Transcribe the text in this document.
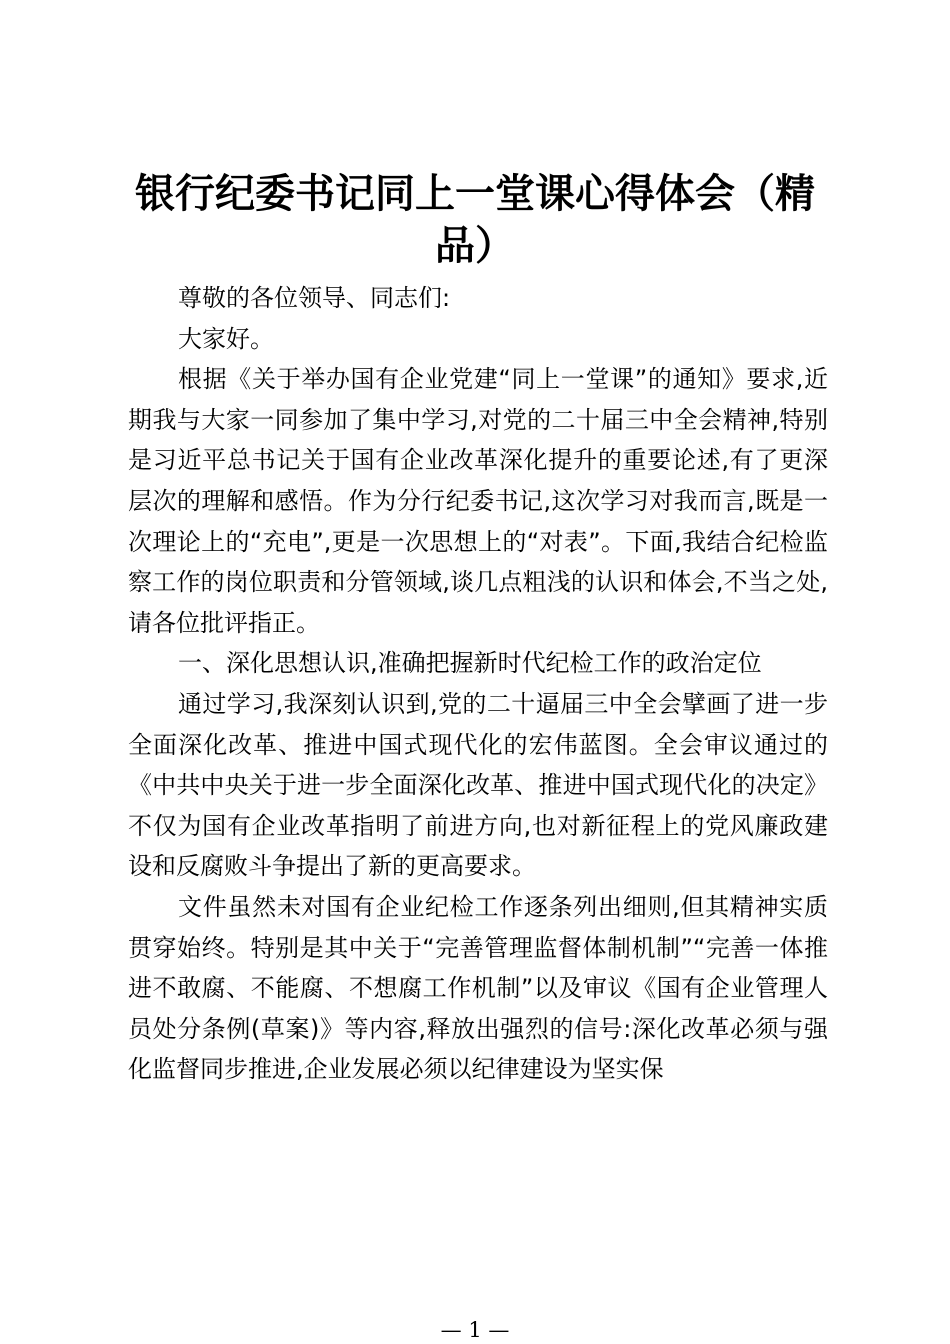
银行纪委书记同上一堂课心得体会（精品）

尊敬的各位领导、同志们:

大家好。

根据《关于举办国有企业党建“同上一堂课”的通知》要求,近期我与大家一同参加了集中学习,对党的二十届三中全会精神,特别是习近平总书记关于国有企业改革深化提升的重要论述,有了更深层次的理解和感悟。作为分行纪委书记,这次学习对我而言,既是一次理论上的“充电”,更是一次思想上的“对表”。下面,我结合纪检监察工作的岗位职责和分管领域,谈几点粗浅的认识和体会,不当之处,请各位批评指正。

一、深化思想认识,准确把握新时代纪检工作的政治定位

通过学习,我深刻认识到,党的二十逼届三中全会擘画了进一步全面深化改革、推进中国式现代化的宏伟蓝图。全会审议通过的《中共中央关于进一步全面深化改革、推进中国式现代化的决定》不仅为国有企业改革指明了前进方向,也对新征程上的党风廉政建设和反腐败斗争提出了新的更高要求。

文件虽然未对国有企业纪检工作逐条列出细则,但其精神实质贯穿始终。特别是其中关于“完善管理监督体制机制”“完善一体推进不敢腐、不能腐、不想腐工作机制”以及审议《国有企业管理人员处分条例(草案)》等内容,释放出强烈的信号:深化改革必须与强化监督同步推进,企业发展必须以纪律建设为坚实保

— 1 —
